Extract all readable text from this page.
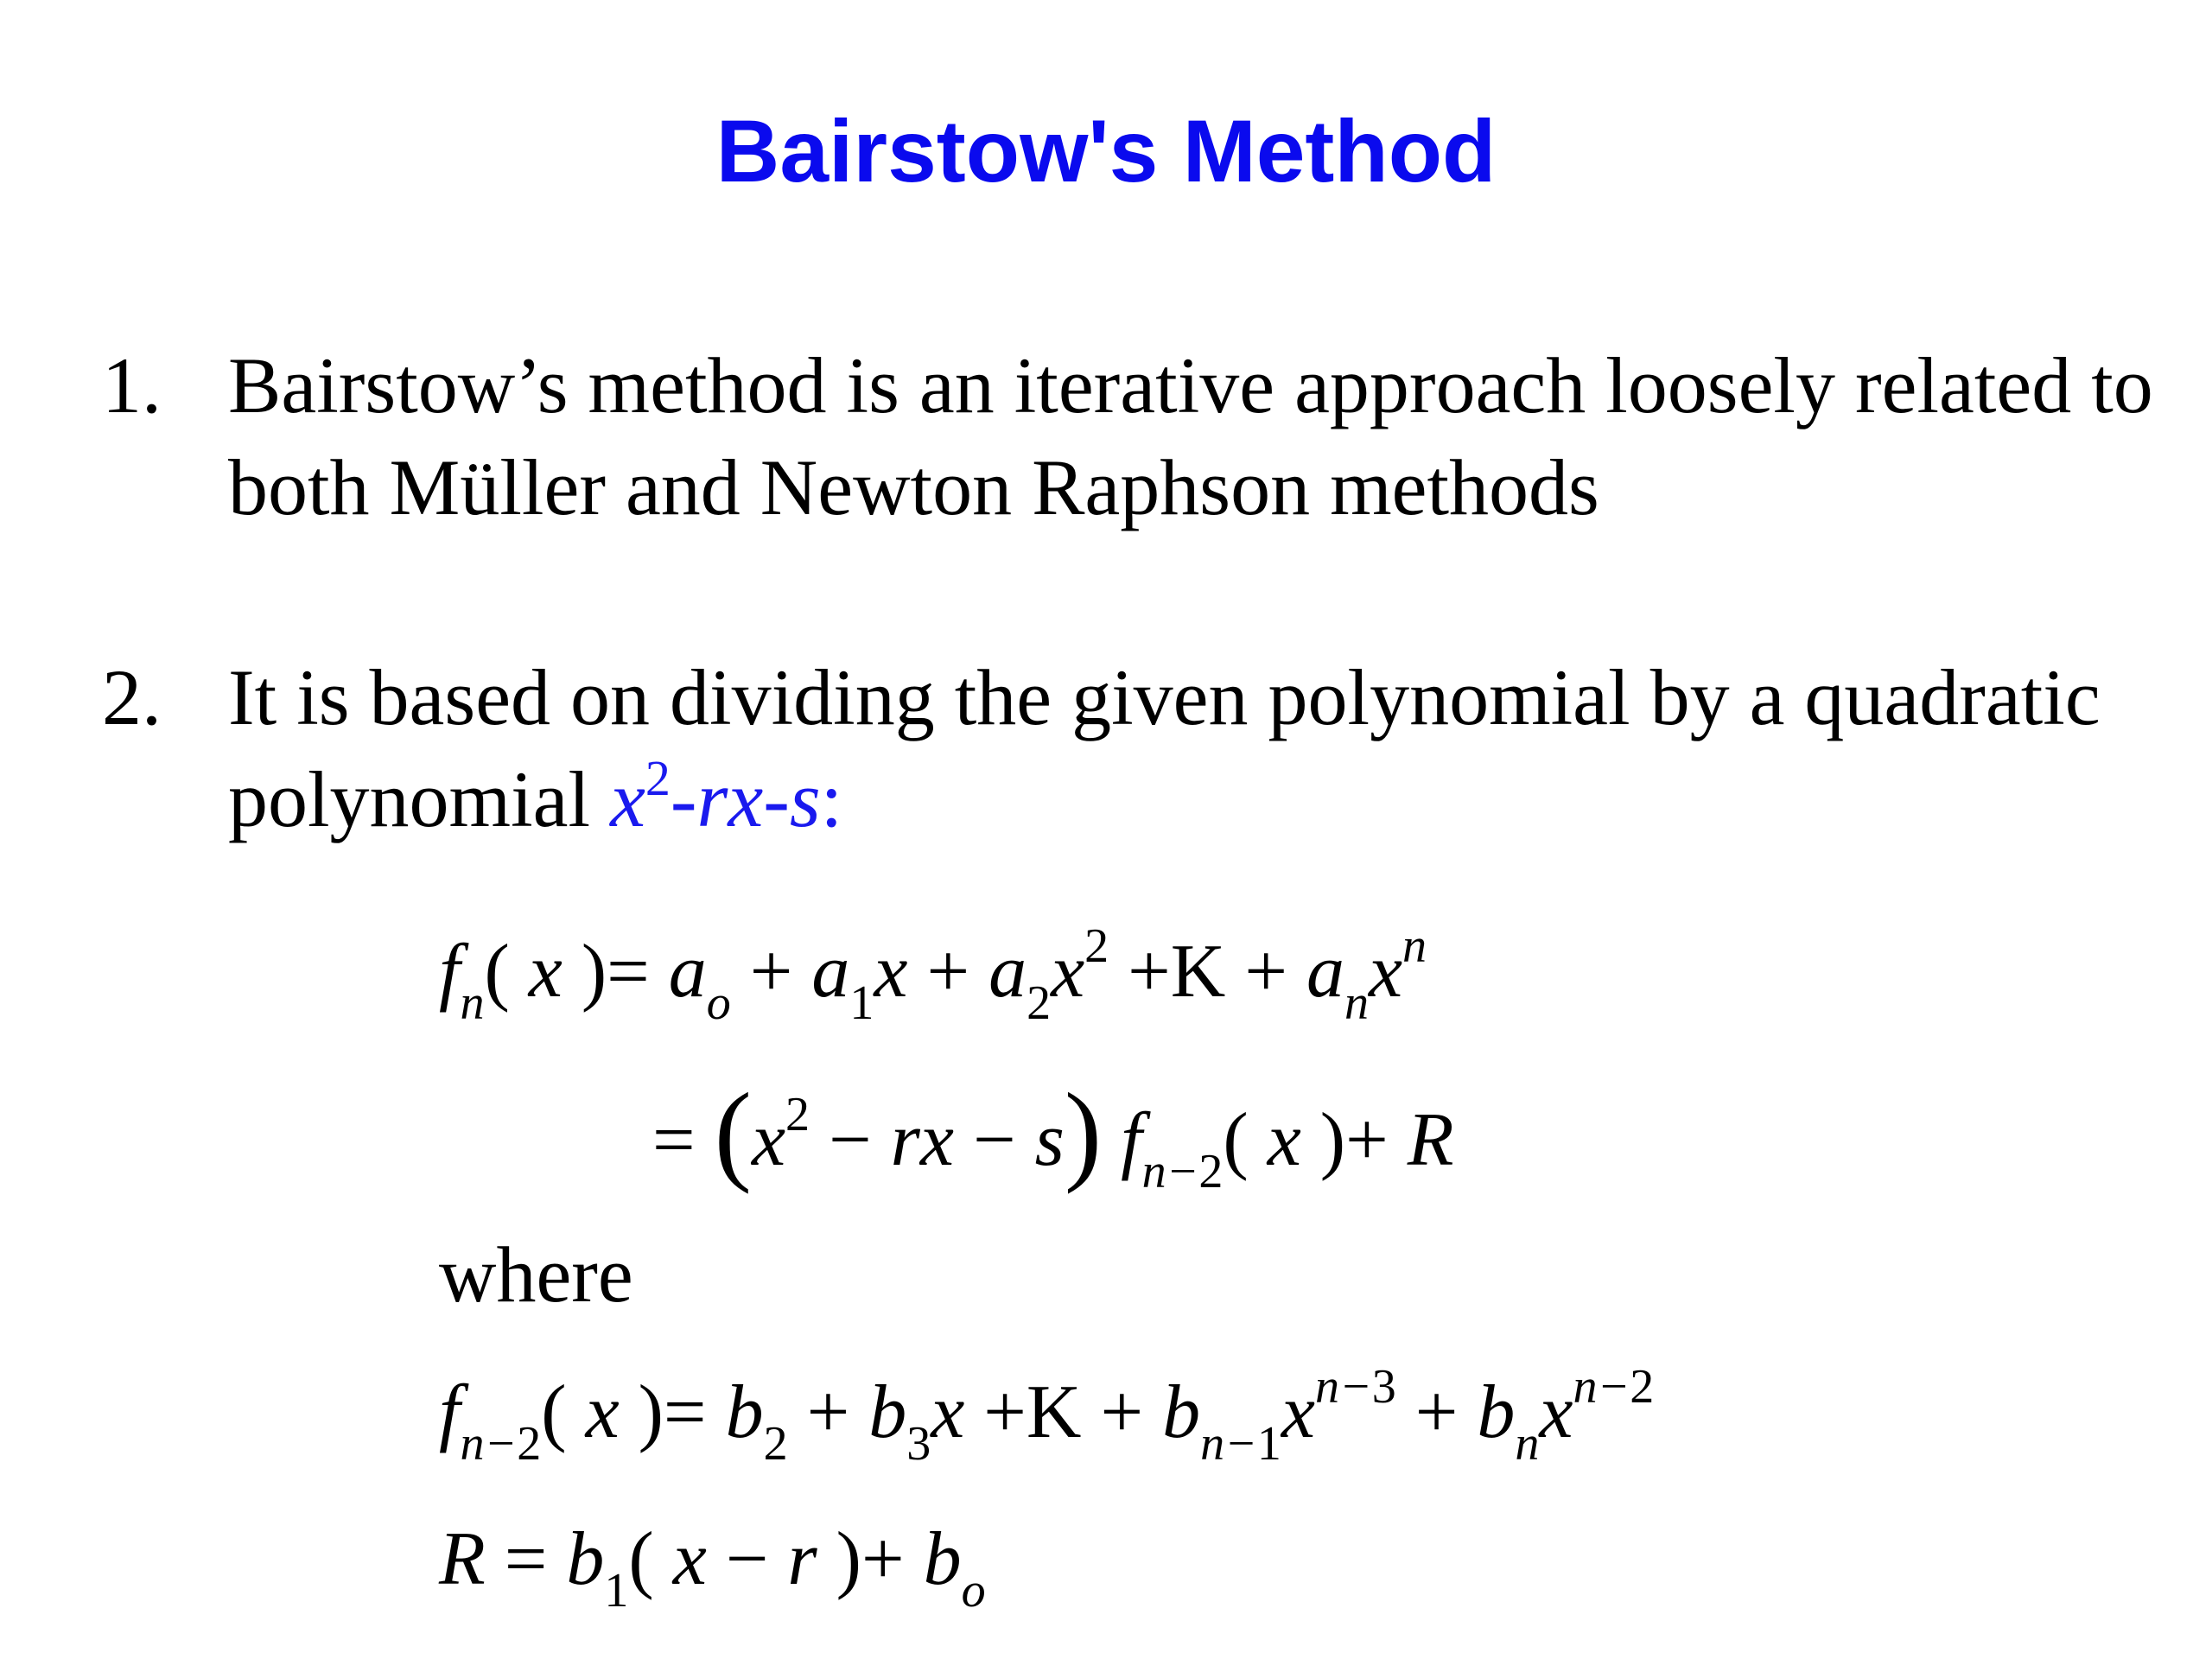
Bairstow's Method
1. Bairstow’s method is an iterative approach loosely related to both Müller and Newton Raphson methods
2. It is based on dividing the given polynomial by a quadratic polynomial $x^2-rx-s$:
$f_n$( x )= $a_o + a_1x + a_2x^2 +K + a_nx^n$
= ($x^2$ − rx − s) $f_{n-2}$( x )+ R
where
$f_{n-2}$( x )= $b_2 + b_3x +K + b_{n-1}x^{n-3} + b_nx^{n-2}$
$R = b_1$( x − r )+ $b_o$
